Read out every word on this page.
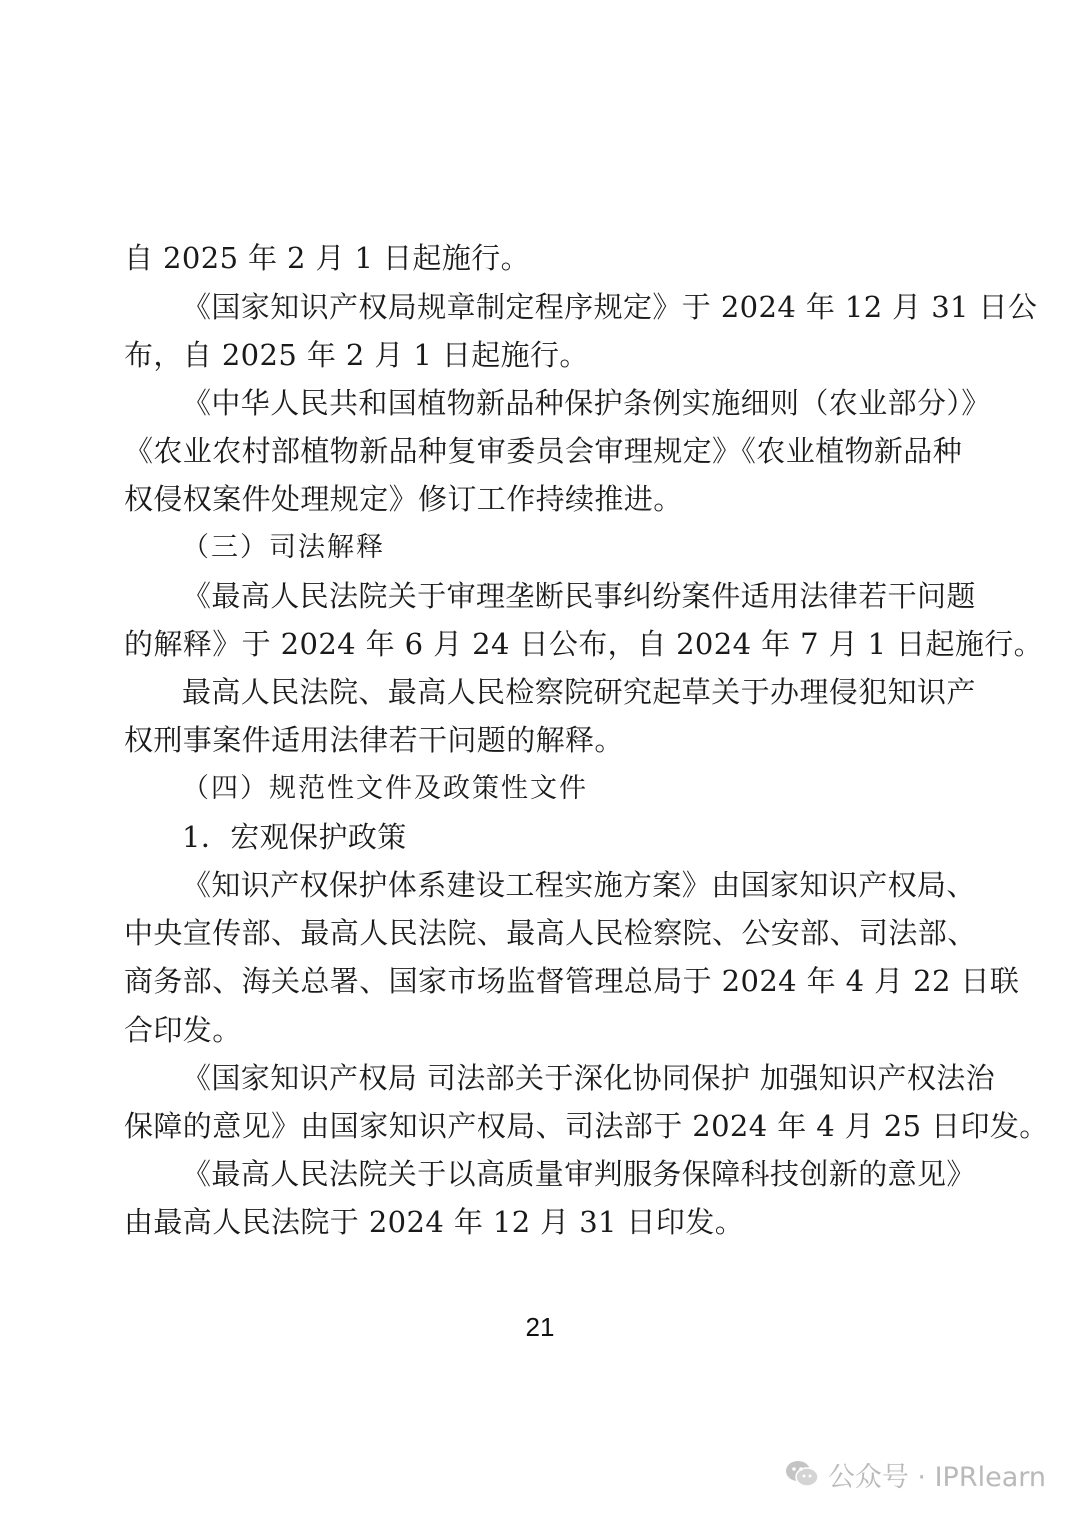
自 2025 年 2 月 1 日起施行。
《国家知识产权局规章制定程序规定》于 2024 年 12 月 31 日公
布，自 2025 年 2 月 1 日起施行。
《中华人民共和国植物新品种保护条例实施细则（农业部分）》
《农业农村部植物新品种复审委员会审理规定》《农业植物新品种
权侵权案件处理规定》修订工作持续推进。
（三）司法解释
《最高人民法院关于审理垄断民事纠纷案件适用法律若干问题
的解释》于 2024 年 6 月 24 日公布，自 2024 年 7 月 1 日起施行。
最高人民法院、最高人民检察院研究起草关于办理侵犯知识产
权刑事案件适用法律若干问题的解释。
（四）规范性文件及政策性文件
1．宏观保护政策
《知识产权保护体系建设工程实施方案》由国家知识产权局、
中央宣传部、最高人民法院、最高人民检察院、公安部、司法部、
商务部、海关总署、国家市场监督管理总局于 2024 年 4 月 22 日联
合印发。
《国家知识产权局 司法部关于深化协同保护 加强知识产权法治
保障的意见》由国家知识产权局、司法部于 2024 年 4 月 25 日印发。
《最高人民法院关于以高质量审判服务保障科技创新的意见》
由最高人民法院于 2024 年 12 月 31 日印发。
21
公众号 · IPRlearn
